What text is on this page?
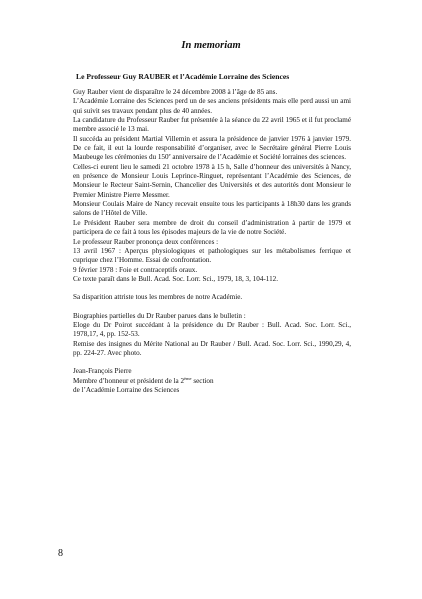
In memoriam
Le Professeur Guy RAUBER et l’Académie Lorraine des Sciences

Guy Rauber vient de disparaître le 24 décembre 2008 à l’âge de 85 ans.

L’Académie Lorraine des Sciences perd un de ses anciens présidents mais elle perd aussi un ami qui suivit ses travaux pendant plus de 40 années.

La candidature du Professeur Rauber fut présentée à la séance du 22 avril 1965 et il fut proclamé membre associé le 13 mai.

Il succéda au président Martial Villemin et assura la présidence de janvier 1976 à janvier 1979. De ce fait, il eut la lourde responsabilité d’organiser, avec le Secrétaire général Pierre Louis Maubeuge les cérémonies du 150e anniversaire de l’Académie et Société lorraines des sciences.

Celles-ci eurent lieu le samedi 21 octobre 1978 à 15 h, Salle d’honneur des universités à Nancy, en présence de Monsieur Louis Leprince-Ringuet, représentant l’Académie des Sciences, de Monsieur le Recteur Saint-Sernin, Chancelier des Universités et des autorités dont Monsieur le Premier Ministre Pierre Messmer.

Monsieur Coulais Maire de Nancy recevait ensuite tous les participants à 18h30 dans les grands salons de l’Hôtel de Ville.

Le Président Rauber sera membre de droit du conseil d’administration à partir de 1979 et participera de ce fait à tous les épisodes majeurs de la vie de notre Société.

Le professeur Rauber prononça deux conférences :

13 avril 1967 : Aperçus physiologiques et pathologiques sur les métabolismes ferrique et cuprique chez l’Homme. Essai de confrontation.

9 février 1978 : Foie et contraceptifs oraux.

Ce texte paraît dans le Bull. Acad. Soc. Lorr. Sci., 1979, 18, 3, 104-112.

Sa disparition attriste tous les membres de notre Académie.

Biographies partielles du Dr Rauber parues dans le bulletin :

Eloge du Dr Poirot succédant à la présidence du Dr Rauber : Bull. Acad. Soc. Lorr. Sci., 1978,17, 4, pp. 152-53.

Remise des insignes du Mérite National au Dr Rauber / Bull. Acad. Soc. Lorr. Sci., 1990,29, 4, pp. 224-27. Avec photo.

Jean-François Pierre

Membre d’honneur et président de la 2ème section

de l’Académie Lorraine des Sciences

8
